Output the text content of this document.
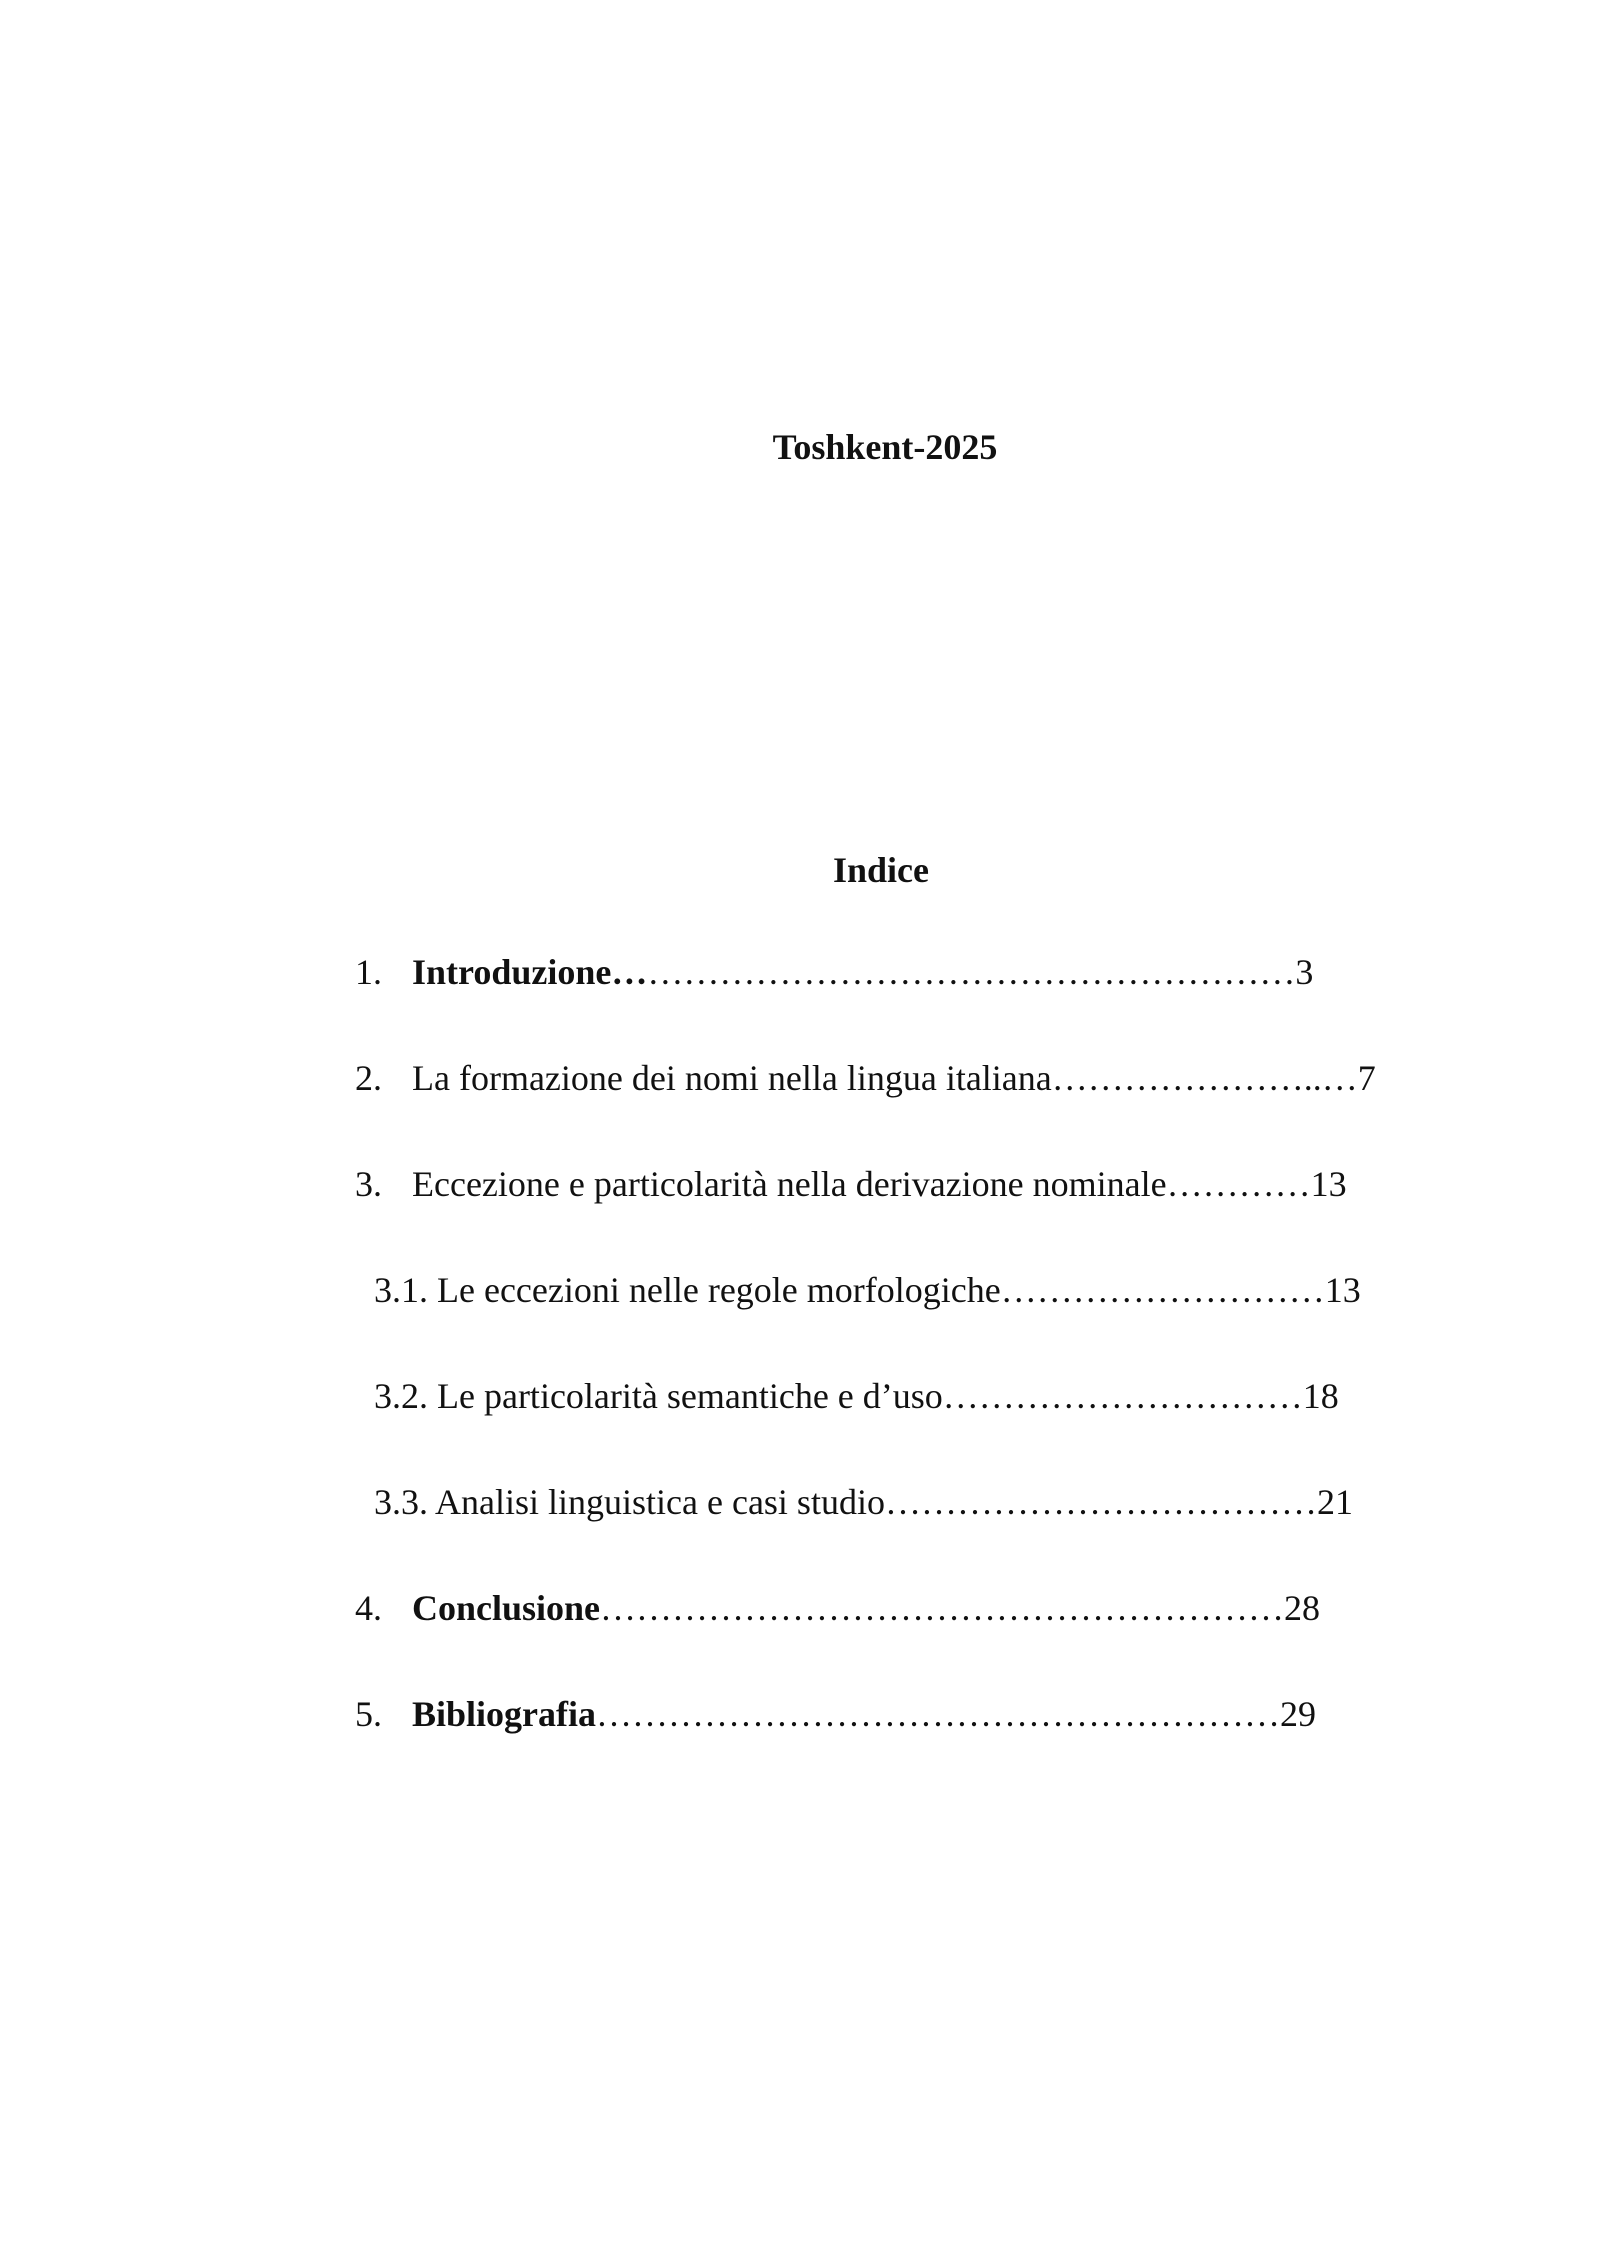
Toshkent-2025
Indice
1. Introduzione…………………………………………………3
2. La formazione dei nomi nella lingua italiana…………………..…7
3. Eccezione e particolarità nella derivazione nominale…………13
3.1. Le eccezioni nelle regole morfologiche………………………13
3.2. Le particolarità semantiche e d’uso…………………………18
3.3. Analisi linguistica e casi studio………………………………21
4. Conclusione…………………………………………………28
5. Bibliografia…………………………………………………29
